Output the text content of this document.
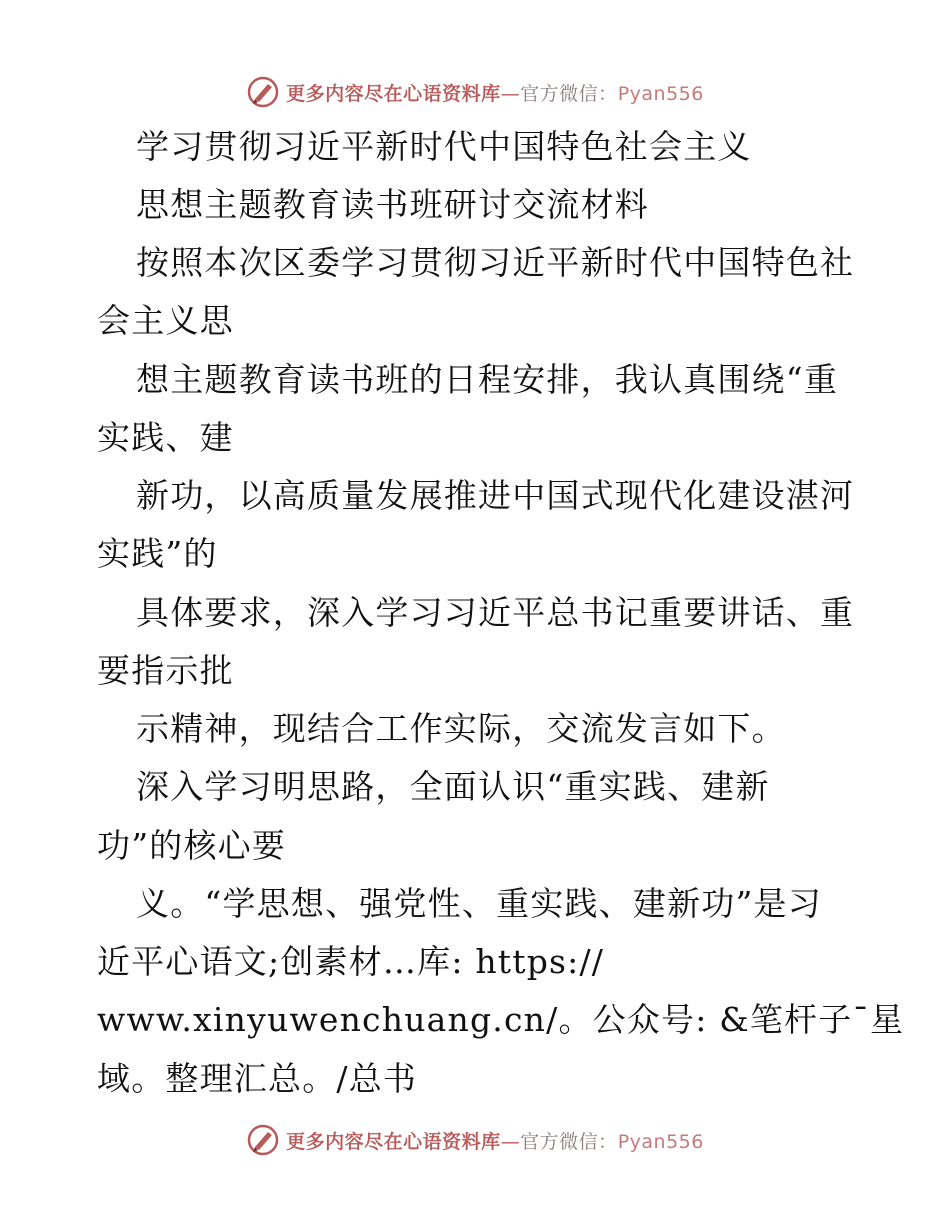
更多内容尽在心语资料库—官方微信：Pyan556
学习贯彻习近平新时代中国特色社会主义
思想主题教育读书班研讨交流材料
按照本次区委学习贯彻习近平新时代中国特色社
会主义思
想主题教育读书班的日程安排，我认真围绕“重
实践、建
新功，以高质量发展推进中国式现代化建设湛河
实践”的
具体要求，深入学习习近平总书记重要讲话、重
要指示批
示精神，现结合工作实际，交流发言如下。
深入学习明思路，全面认识“重实践、建新
功”的核心要
义。“学思想、强党性、重实践、建新功”是习
近平心语文;创素材…库: https://
www.xinyuwenchuang.cn/。公众号: &笔杆子¯星
域。整理汇总。/总书
更多内容尽在心语资料库—官方微信：Pyan556
